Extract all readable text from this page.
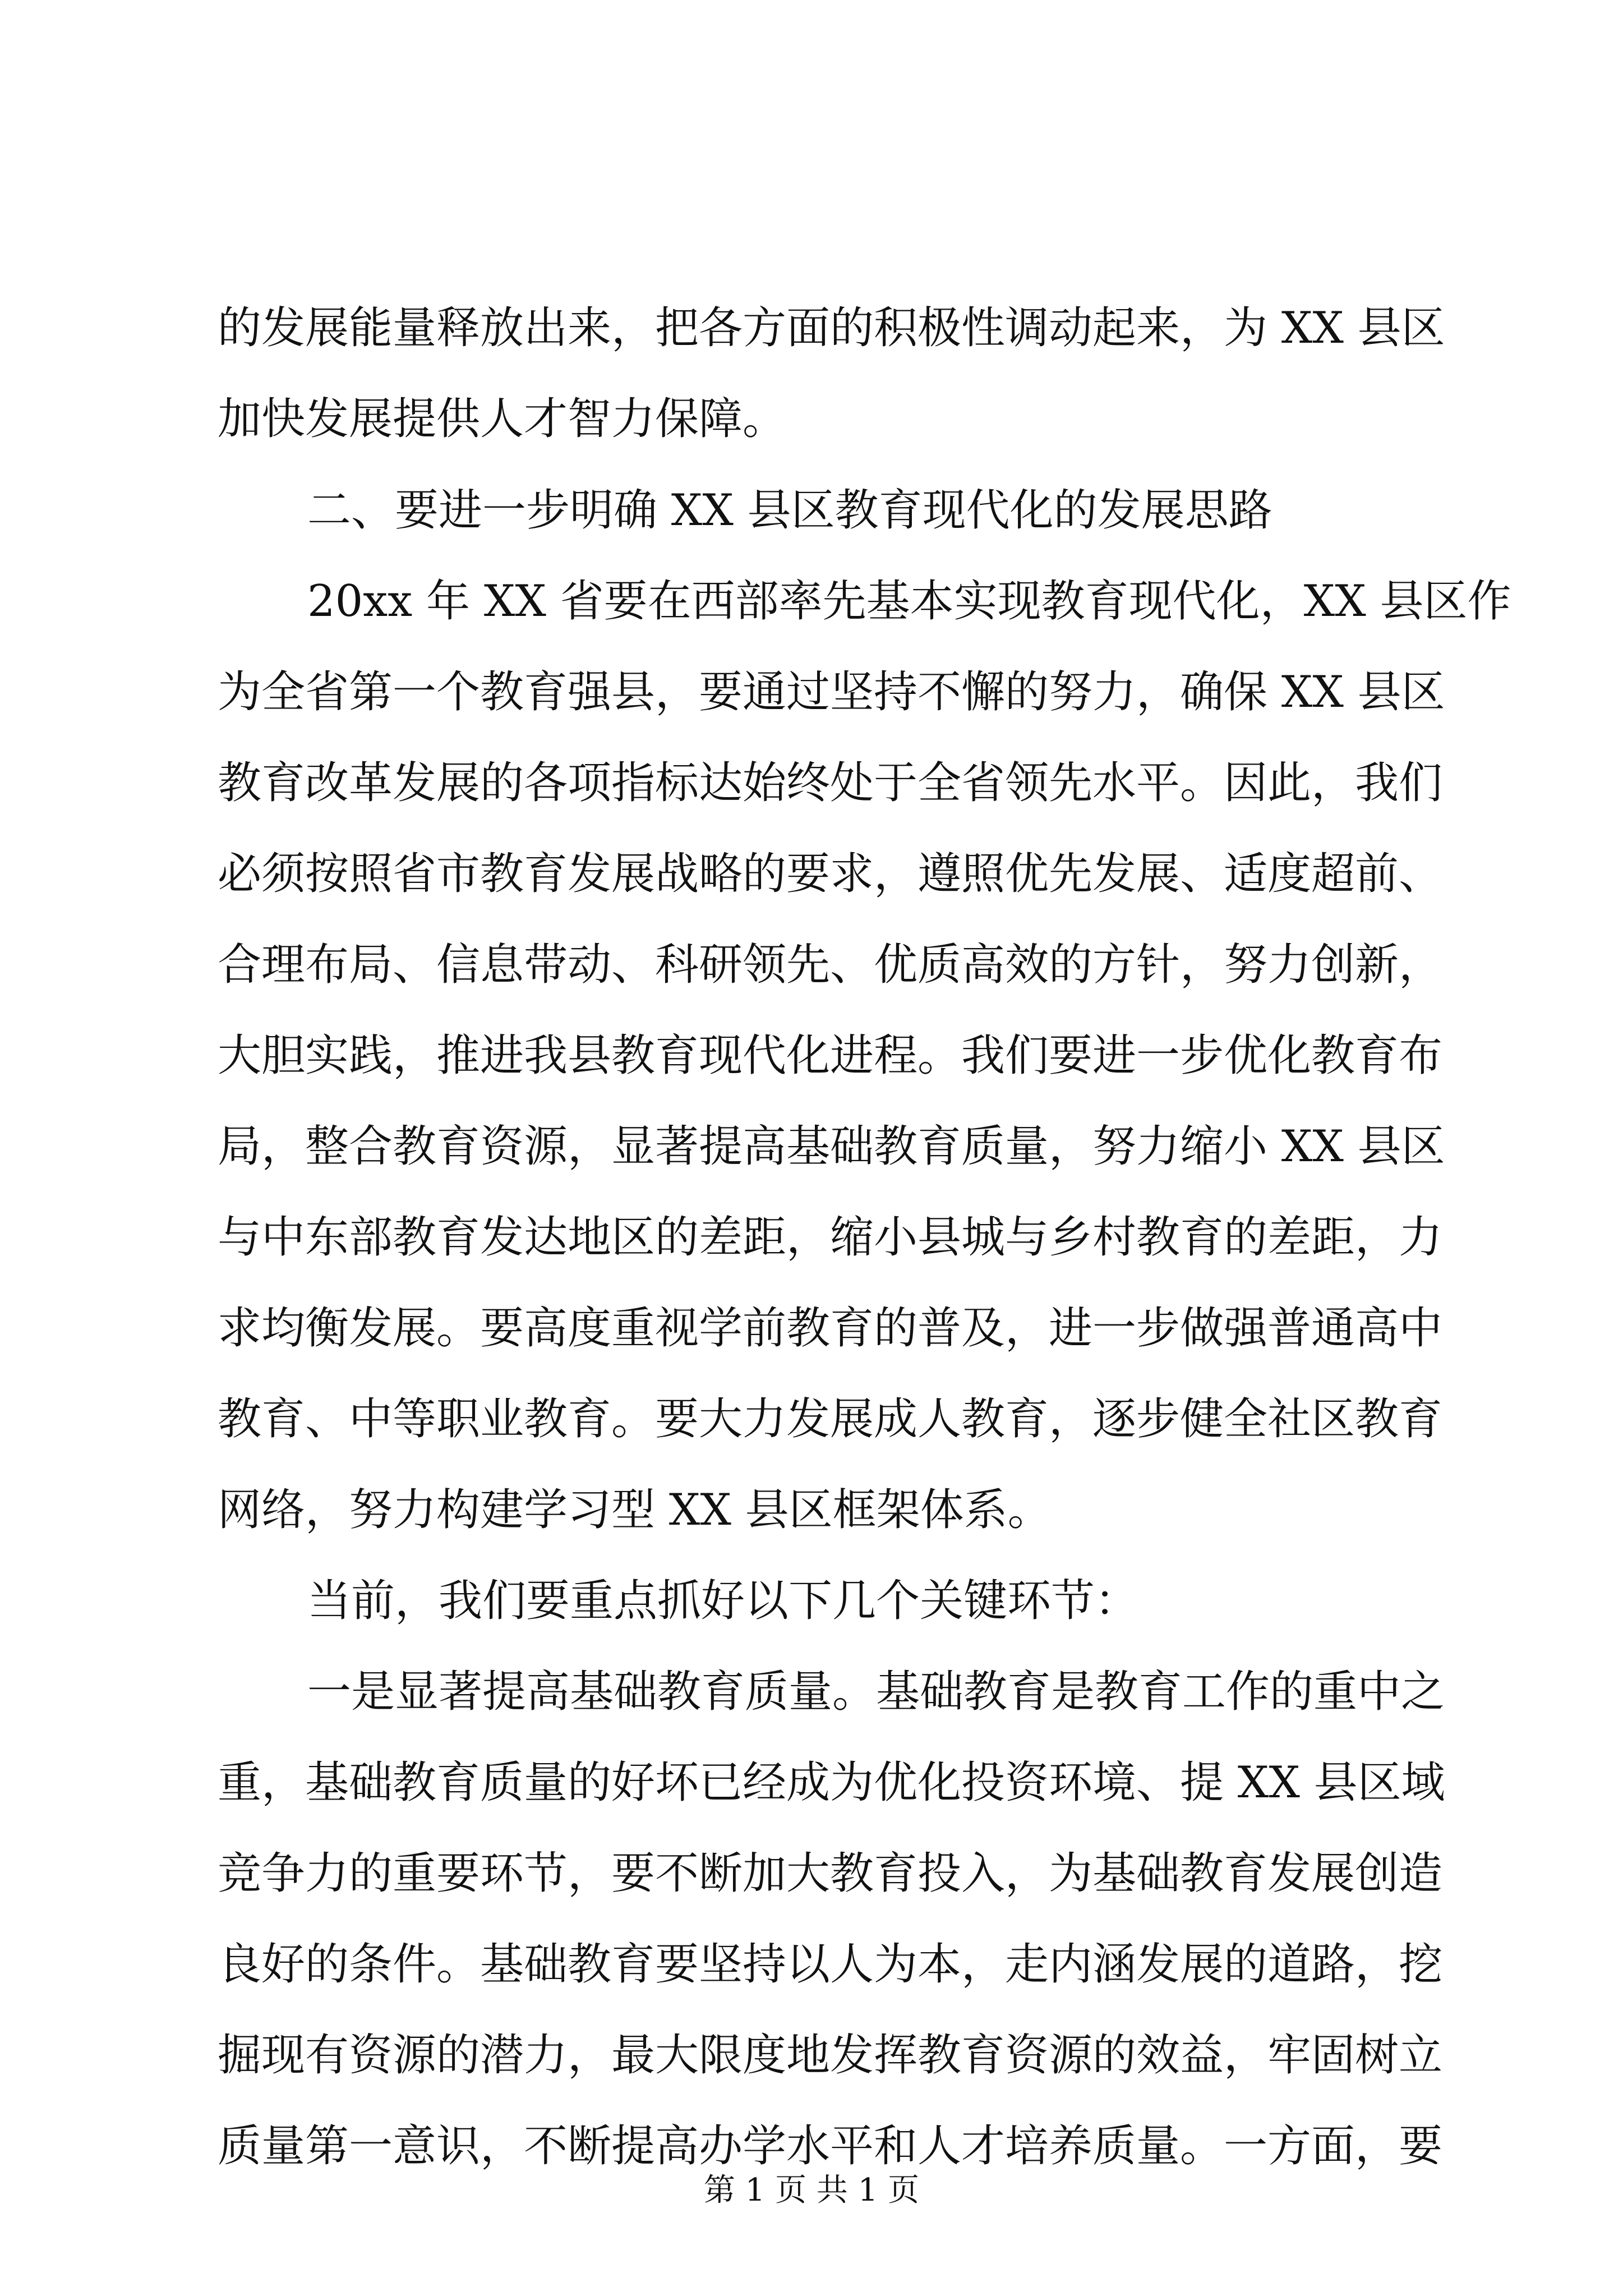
的发展能量释放出来，把各方面的积极性调动起来，为 XX 县区
加快发展提供人才智力保障。
二、要进一步明确 XX 县区教育现代化的发展思路
20xx 年 XX 省要在西部率先基本实现教育现代化，XX 县区作
为全省第一个教育强县，要通过坚持不懈的努力，确保 XX 县区
教育改革发展的各项指标达始终处于全省领先水平。因此，我们
必须按照省市教育发展战略的要求，遵照优先发展、适度超前、
合理布局、信息带动、科研领先、优质高效的方针，努力创新，
大胆实践，推进我县教育现代化进程。我们要进一步优化教育布
局，整合教育资源，显著提高基础教育质量，努力缩小 XX 县区
与中东部教育发达地区的差距，缩小县城与乡村教育的差距，力
求均衡发展。要高度重视学前教育的普及，进一步做强普通高中
教育、中等职业教育。要大力发展成人教育，逐步健全社区教育
网络，努力构建学习型 XX 县区框架体系。
当前，我们要重点抓好以下几个关键环节：
一是显著提高基础教育质量。基础教育是教育工作的重中之
重，基础教育质量的好坏已经成为优化投资环境、提 XX 县区域
竞争力的重要环节，要不断加大教育投入，为基础教育发展创造
良好的条件。基础教育要坚持以人为本，走内涵发展的道路，挖
掘现有资源的潜力，最大限度地发挥教育资源的效益，牢固树立
质量第一意识，不断提高办学水平和人才培养质量。一方面，要
第 1 页 共 1 页
